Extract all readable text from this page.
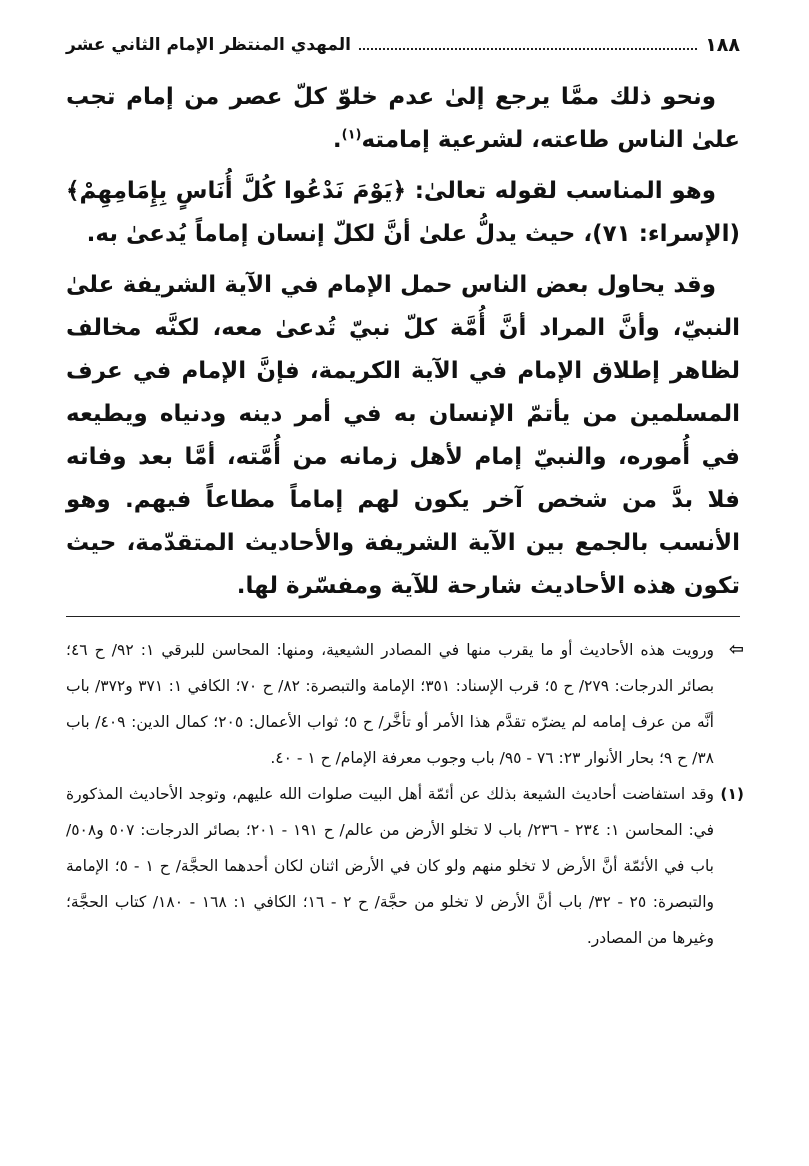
١٨٨
المهدي المنتظر الإمام الثاني عشر

ونحو ذلك ممَّا يرجع إلىٰ عدم خلوّ كلّ عصر من إمام تجب علىٰ الناس طاعته، لشرعية إمامته$^{(١)}$.

وهو المناسب لقوله تعالىٰ: ﴿يَوْمَ نَدْعُوا كُلَّ أُنَاسٍ بِإِمَامِهِمْ﴾ (الإسراء: ٧١)، حيث يدلُّ علىٰ أنَّ لكلّ إنسان إماماً يُدعىٰ به.

وقد يحاول بعض الناس حمل الإمام في الآية الشريفة علىٰ النبيّ، وأنَّ المراد أنَّ أُمَّة كلّ نبيّ تُدعىٰ معه، لكنَّه مخالف لظاهر إطلاق الإمام في الآية الكريمة، فإنَّ الإمام في عرف المسلمين من يأتمّ الإنسان به في أمر دينه ودنياه ويطيعه في أُموره، والنبيّ إمام لأهل زمانه من أُمَّته، أمَّا بعد وفاته فلا بدَّ من شخص آخر يكون لهم إماماً مطاعاً فيهم. وهو الأنسب بالجمع بين الآية الشريفة والأحاديث المتقدّمة، حيث تكون هذه الأحاديث شارحة للآية ومفسّرة لها.

⇦
ورويت هذه الأحاديث أو ما يقرب منها في المصادر الشيعية، ومنها: المحاسن للبرقي ١: ٩٢/ ح ٤٦؛ بصائر الدرجات: ٢٧٩/ ح ٥؛ قرب الإسناد: ٣٥١؛ الإمامة والتبصرة: ٨٢/ ح ٧٠؛ الكافي ١: ٣٧١ و٣٧٢/ باب أنَّه من عرف إمامه لم يضرّه تقدَّم هذا الأمر أو تأخَّر/ ح ٥؛ ثواب الأعمال: ٢٠٥؛ كمال الدين: ٤٠٩/ باب ٣٨/ ح ٩؛ بحار الأنوار ٢٣: ٧٦ - ٩٥/ باب وجوب معرفة الإمام/ ح ١ - ٤٠.
(١)
وقد استفاضت أحاديث الشيعة بذلك عن أئمّة أهل البيت صلوات الله عليهم، وتوجد الأحاديث المذكورة في: المحاسن ١: ٢٣٤ - ٢٣٦/ باب لا تخلو الأرض من عالم/ ح ١٩١ - ٢٠١؛ بصائر الدرجات: ٥٠٧ و٥٠٨/ باب في الأئمّة أنَّ الأرض لا تخلو منهم ولو كان في الأرض اثنان لكان أحدهما الحجَّة/ ح ١ - ٥؛ الإمامة والتبصرة: ٢٥ - ٣٢/ باب أنَّ الأرض لا تخلو من حجَّة/ ح ٢ - ١٦؛ الكافي ١: ١٦٨ - ١٨٠/ كتاب الحجَّة؛ وغيرها من المصادر.
